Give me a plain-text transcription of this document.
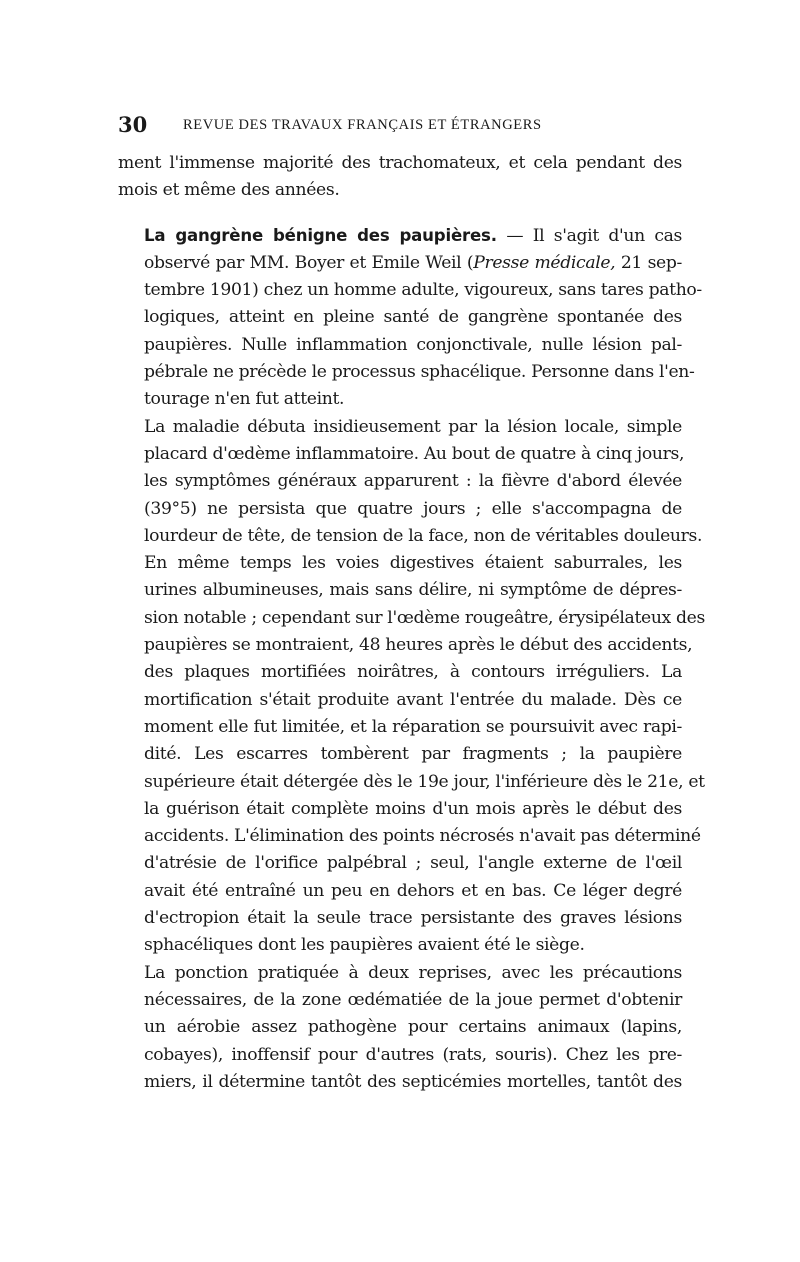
30 REVUE DES TRAVAUX FRANÇAIS ET ÉTRANGERS

ment l'immense majorité des trachomateux, et cela pendant des
mois et même des années.

La gangrène bénigne des paupières. — Il s'agit d'un cas
observé par MM. Boyer et Emile Weil (Presse médicale, 21 sep-
tembre 1901) chez un homme adulte, vigoureux, sans tares patho-
logiques, atteint en pleine santé de gangrène spontanée des
paupières. Nulle inflammation conjonctivale, nulle lésion pal-
pébrale ne précède le processus sphacélique. Personne dans l'en-
tourage n'en fut atteint.

La maladie débuta insidieusement par la lésion locale, simple
placard d'œdème inflammatoire. Au bout de quatre à cinq jours,
les symptômes généraux apparurent : la fièvre d'abord élevée
(39°5) ne persista que quatre jours ; elle s'accompagna de
lourdeur de tête, de tension de la face, non de véritables douleurs.
En même temps les voies digestives étaient saburrales, les
urines albumineuses, mais sans délire, ni symptôme de dépres-
sion notable ; cependant sur l'œdème rougeâtre, érysipélateux des
paupières se montraient, 48 heures après le début des accidents,
des plaques mortifiées noirâtres, à contours irréguliers. La
mortification s'était produite avant l'entrée du malade. Dès ce
moment elle fut limitée, et la réparation se poursuivit avec rapi-
dité. Les escarres tombèrent par fragments ; la paupière
supérieure était détergée dès le 19e jour, l'inférieure dès le 21e, et
la guérison était complète moins d'un mois après le début des
accidents. L'élimination des points nécrosés n'avait pas déterminé
d'atrésie de l'orifice palpébral ; seul, l'angle externe de l'œil
avait été entraîné un peu en dehors et en bas. Ce léger degré
d'ectropion était la seule trace persistante des graves lésions
sphacéliques dont les paupières avaient été le siège.

La ponction pratiquée à deux reprises, avec les précautions
nécessaires, de la zone œdématiée de la joue permet d'obtenir
un aérobie assez pathogène pour certains animaux (lapins,
cobayes), inoffensif pour d'autres (rats, souris). Chez les pre-
miers, il détermine tantôt des septicémies mortelles, tantôt des
